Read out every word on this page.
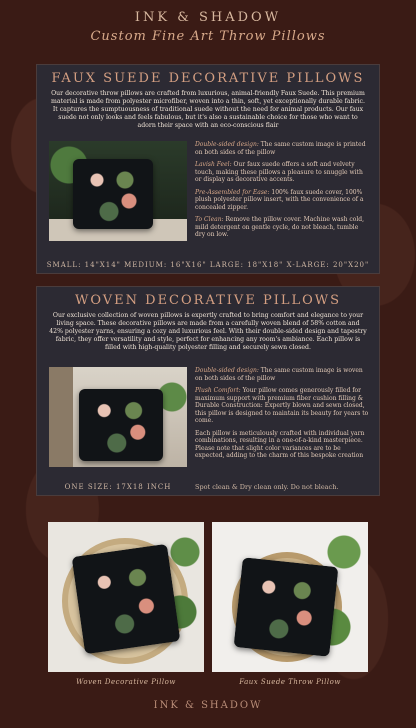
INK & SHADOW
Custom Fine Art Throw Pillows
FAUX SUEDE DECORATIVE PILLOWS
Our decorative throw pillows are crafted from luxurious, animal-friendly Faux Suede. This premium material is made from polyester microfiber, woven into a thin, soft, yet exceptionally durable fabric. It captures the sumptuousness of traditional suede without the need for animal products. Our faux suede not only looks and feels fabulous, but it's also a sustainable choice for those who want to adorn their space with an eco-conscious flair

Double-sided design: The same custom image is printed on both sides of the pillow

Lavish Feel: Our faux suede offers a soft and velvety touch, making these pillows a pleasure to snuggle with or display as decorative accents.

Pre-Assembled for Ease: 100% faux suede cover, 100% plush polyester pillow insert, with the convenience of a concealed zipper.

To Clean: Remove the pillow cover. Machine wash cold, mild detergent on gentle cycle, do not bleach, tumble dry on low.

SMALL: 14"X14" MEDIUM: 16"X16" LARGE: 18"X18" X-LARGE: 20"X20"
WOVEN DECORATIVE PILLOWS
Our exclusive collection of woven pillows is expertly crafted to bring comfort and elegance to your living space. These decorative pillows are made from a carefully woven blend of 58% cotton and 42% polyester yarns, ensuring a cozy and luxurious feel. With their double-sided design and tapestry fabric, they offer versatility and style, perfect for enhancing any room's ambiance. Each pillow is filled with high-quality polyester filling and securely sewn closed.

Double-sided design: The same custom image is woven on both sides of the pillow

Plush Comfort: Your pillow comes generously filled for maximum support with premium fiber cushion filling & Durable Construction: Expertly blown and sewn closed, this pillow is designed to maintain its beauty for years to come.

Each pillow is meticulously crafted with individual yarn combinations, resulting in a one-of-a-kind masterpiece. Please note that slight color variances are to be expected, adding to the charm of this bespoke creation

ONE SIZE: 17X18 INCH	Spot clean & Dry clean only. Do not bleach.
Woven Decorative Pillow	Faux Suede Throw Pillow
INK & SHADOW
